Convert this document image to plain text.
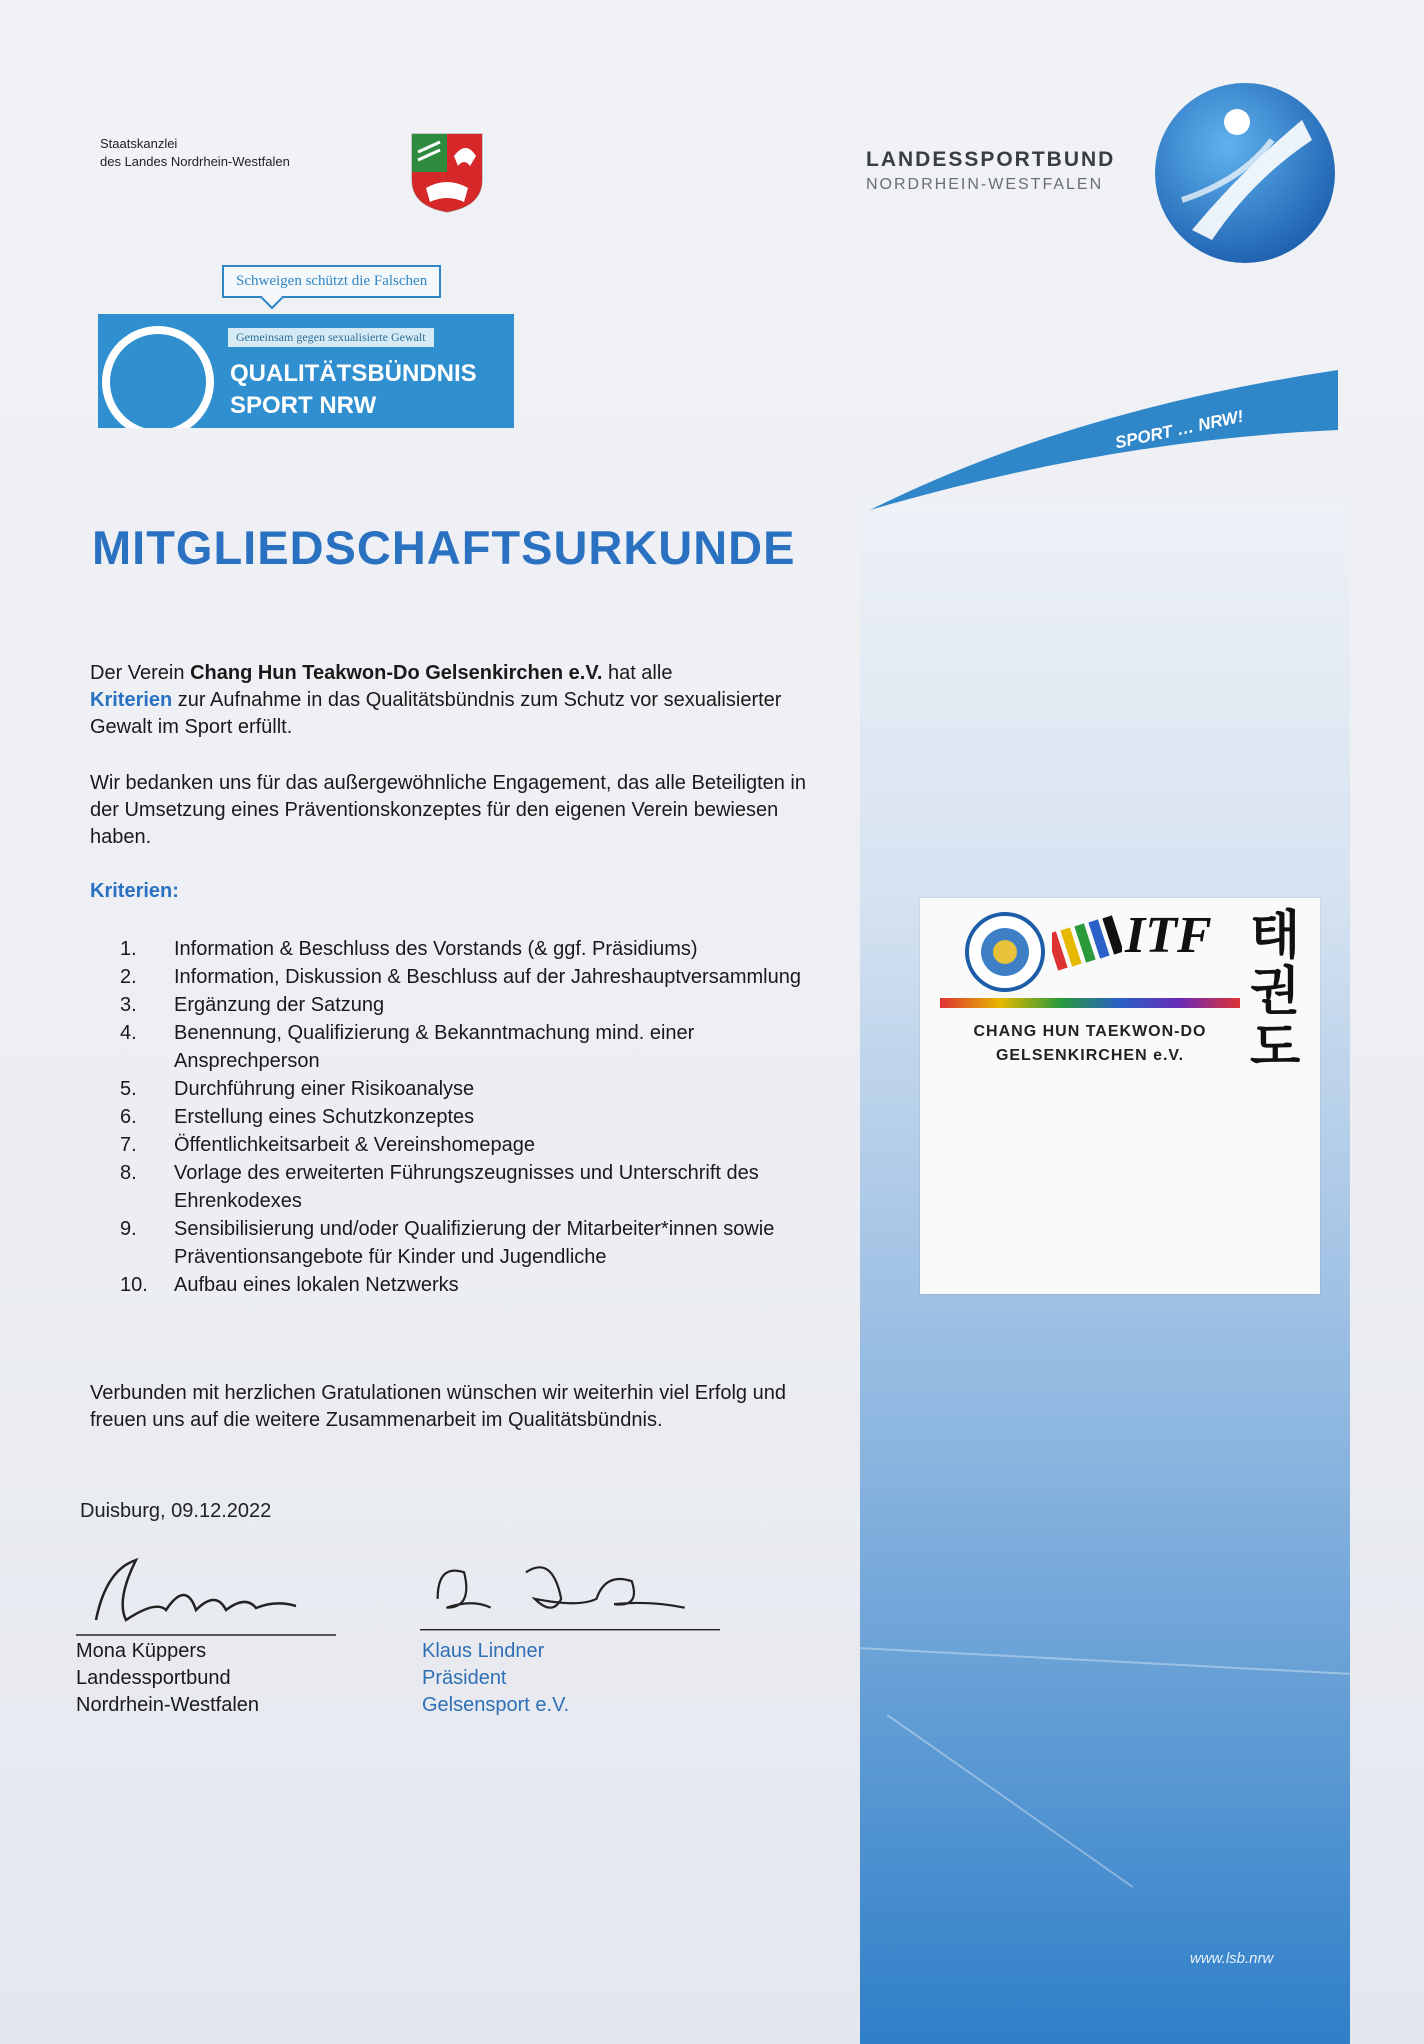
Staatskanzlei
des Landes Nordrhein-Westfalen	LANDESSPORTBUND
NORDRHEIN-WESTFALEN
Schweigen schützt die Falschen
Gemeinsam gegen sexualisierte Gewalt
QUALITÄTSBÜNDNIS
SPORT NRW
SPORT … NRW!
MITGLIEDSCHAFTSURKUNDE
Der Verein Chang Hun Teakwon-Do Gelsenkirchen e.V. hat alle
Kriterien zur Aufnahme in das Qualitätsbündnis zum Schutz vor sexualisierter Gewalt im Sport erfüllt.
Wir bedanken uns für das außergewöhnliche Engagement, das alle Beteiligten in der Umsetzung eines Präventionskonzeptes für den eigenen Verein bewiesen haben.
Kriterien:
1.	Information & Beschluss des Vorstands (& ggf. Präsidiums)
2.	Information, Diskussion & Beschluss auf der Jahreshauptversammlung
3.	Ergänzung der Satzung
4.	Benennung, Qualifizierung & Bekanntmachung mind. einer Ansprechperson
5.	Durchführung einer Risikoanalyse
6.	Erstellung eines Schutzkonzeptes
7.	Öffentlichkeitsarbeit & Vereinshomepage
8.	Vorlage des erweiterten Führungszeugnisses und Unterschrift des Ehrenkodexes
9.	Sensibilisierung und/oder Qualifizierung der Mitarbeiter*innen sowie Präventionsangebote für Kinder und Jugendliche
10.	Aufbau eines lokalen Netzwerks
Verbunden mit herzlichen Gratulationen wünschen wir weiterhin viel Erfolg und freuen uns auf die weitere Zusammenarbeit im Qualitätsbündnis.
Duisburg, 09.12.2022
Mona Küppers
Landessportbund
Nordrhein-Westfalen
Klaus Lindner
Präsident
Gelsensport e.V.
ITF
CHANG HUN TAEKWON-DO
GELSENKIRCHEN e.V.
태
권
도
www.lsb.nrw
